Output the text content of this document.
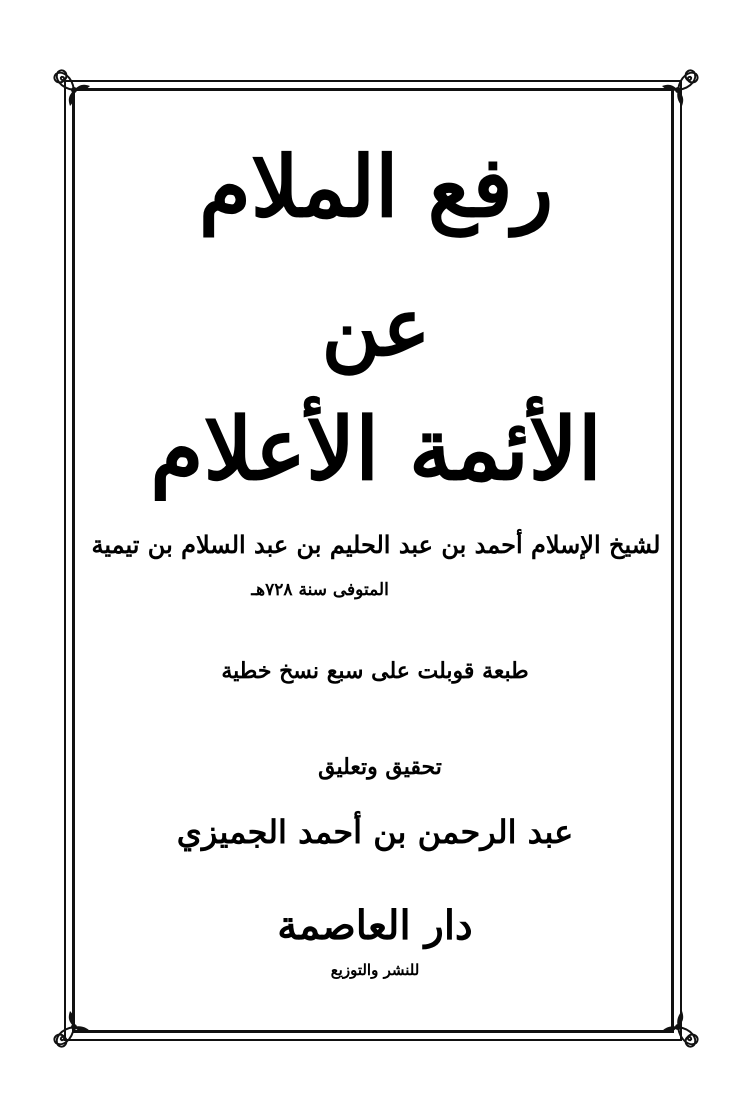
رفع الملام
عن
الأئمة الأعلام
لشيخ الإسلام أحمد بن عبد الحليم بن عبد السلام بن تيمية
المتوفى سنة ٧٢٨هـ
طبعة قوبلت على سبع نسخ خطية
تحقيق وتعليق
عبد الرحمن بن أحمد الجميزي
دار العاصمة
للنشر والتوزيع
